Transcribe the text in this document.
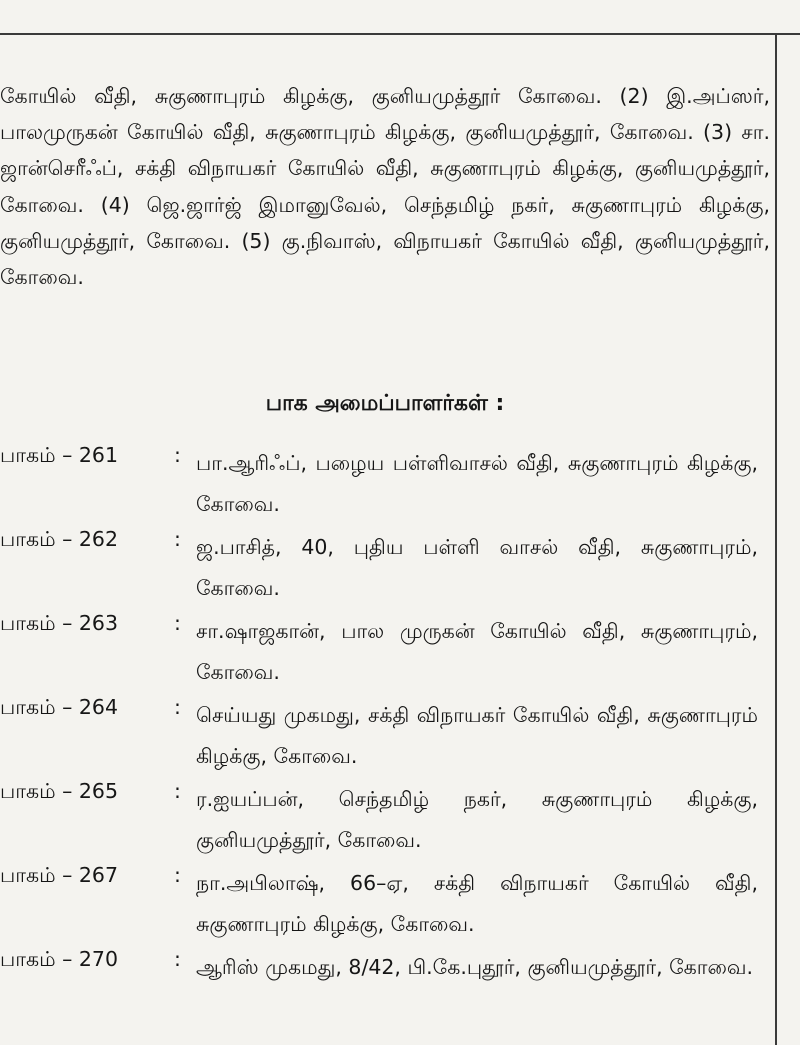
கோயில் வீதி, சுகுணாபுரம் கிழக்கு, குனியமுத்தூர் கோவை. (2) இ.அப்ஸர், பாலமுருகன் கோயில் வீதி, சுகுணாபுரம் கிழக்கு, குனியமுத்தூர், கோவை. (3) சா. ஜான்செரீஃப், சக்தி விநாயகர் கோயில் வீதி, சுகுணாபுரம் கிழக்கு, குனியமுத்தூர், கோவை. (4) ஜெ.ஜார்ஜ் இமானுவேல், செந்தமிழ் நகர், சுகுணாபுரம் கிழக்கு, குனியமுத்தூர், கோவை. (5) கு.நிவாஸ், விநாயகர் கோயில் வீதி, குனியமுத்தூர், கோவை.

பாக அமைப்பாளர்கள் :
பாகம் – 261	: பா.ஆரிஃப், பழைய பள்ளிவாசல் வீதி, சுகுணாபுரம் கிழக்கு, கோவை.
பாகம் – 262	: ஜ.பாசித், 40, புதிய பள்ளி வாசல் வீதி, சுகுணாபுரம், கோவை.
பாகம் – 263	: சா.ஷாஜகான், பால முருகன் கோயில் வீதி, சுகுணாபுரம், கோவை.
பாகம் – 264	: செய்யது முகமது, சக்தி விநாயகர் கோயில் வீதி, சுகுணாபுரம் கிழக்கு, கோவை.
பாகம் – 265	: ர.ஐயப்பன், செந்தமிழ் நகர், சுகுணாபுரம் கிழக்கு, குனியமுத்தூர், கோவை.
பாகம் – 267	: நா.அபிலாஷ், 66–ஏ, சக்தி விநாயகர் கோயில் வீதி, சுகுணாபுரம் கிழக்கு, கோவை.
பாகம் – 270	: ஆரிஸ் முகமது, 8/42, பி.கே.புதூர், குனியமுத்தூர், கோவை.
